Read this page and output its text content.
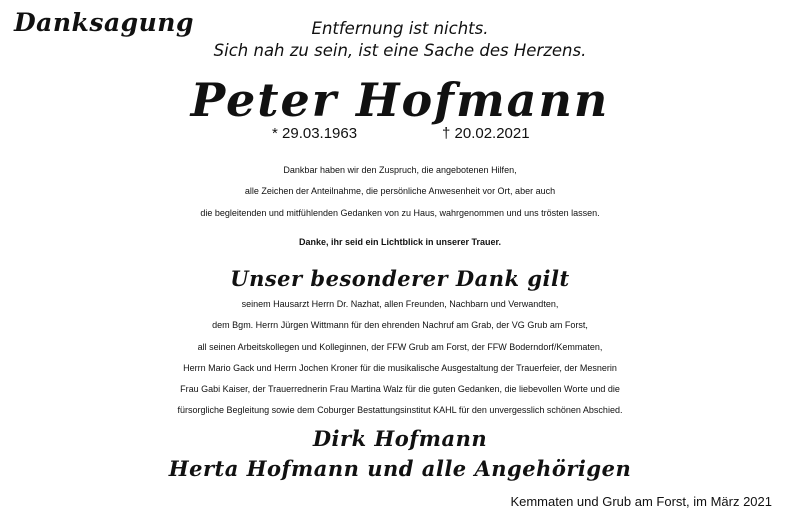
Danksagung	Entfernung ist nichts.
Sich nah zu sein, ist eine Sache des Herzens.
Peter Hofmann
* 29.03.1963	† 20.02.2021
Dankbar haben wir den Zuspruch, die angebotenen Hilfen,
alle Zeichen der Anteilnahme, die persönliche Anwesenheit vor Ort, aber auch
die begleitenden und mitfühlenden Gedanken von zu Haus, wahrgenommen und uns trösten lassen.
Danke, ihr seid ein Lichtblick in unserer Trauer.
Unser besonderer Dank gilt
seinem Hausarzt Herrn Dr. Nazhat, allen Freunden, Nachbarn und Verwandten,
dem Bgm. Herrn Jürgen Wittmann für den ehrenden Nachruf am Grab, der VG Grub am Forst,
all seinen Arbeitskollegen und Kolleginnen, der FFW Grub am Forst, der FFW Boderndorf/Kemmaten,
Herrn Mario Gack und Herrn Jochen Kroner für die musikalische Ausgestaltung der Trauerfeier, der Mesnerin
Frau Gabi Kaiser, der Trauerrednerin Frau Martina Walz für die guten Gedanken, die liebevollen Worte und die
fürsorgliche Begleitung sowie dem Coburger Bestattungsinstitut KAHL für den unvergesslich schönen Abschied.
Dirk Hofmann
Herta Hofmann und alle Angehörigen
Kemmaten und Grub am Forst, im März 2021
